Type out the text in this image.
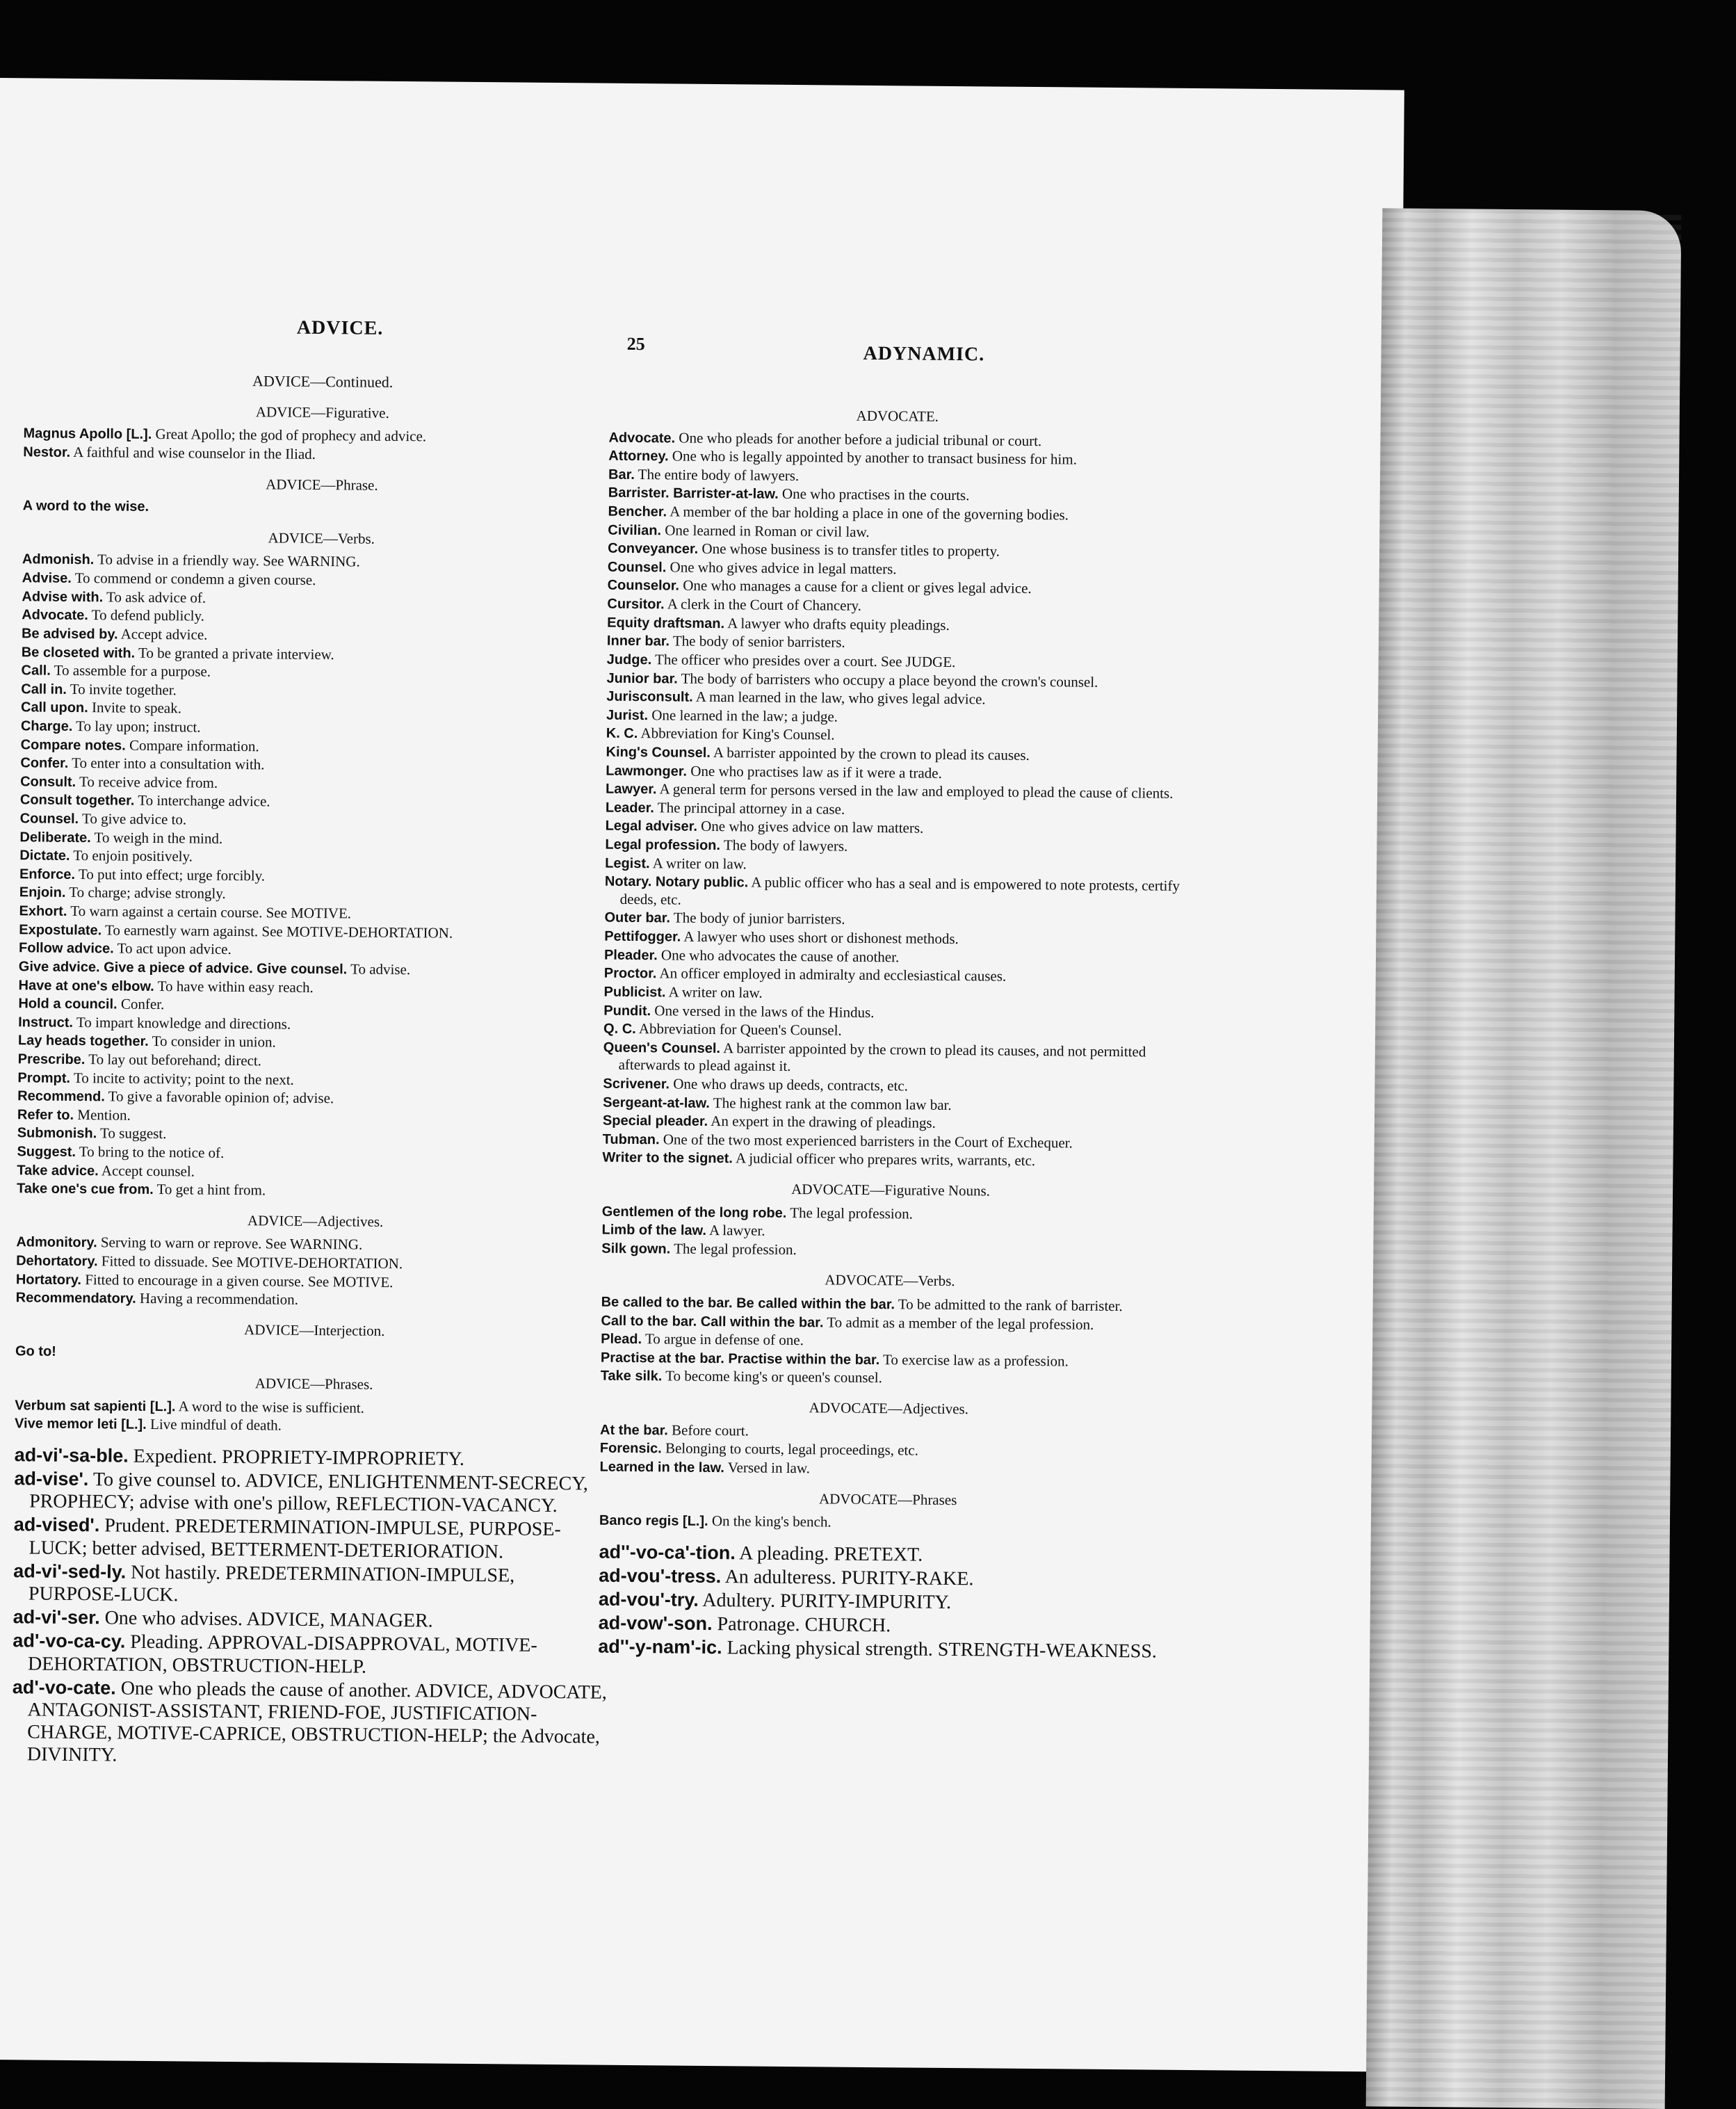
ADVICE.
25	ADYNAMIC.
ADVICE—Continued.
ADVICE—Figurative.
Magnus Apollo [L.]. Great Apollo; the god of prophecy and advice.
Nestor. A faithful and wise counselor in the Iliad.
ADVICE—Phrase.
A word to the wise.
ADVICE—Verbs.
Admonish. To advise in a friendly way. See WARNING.
Advise. To commend or condemn a given course.
Advise with. To ask advice of.
Advocate. To defend publicly.
Be advised by. Accept advice.
Be closeted with. To be granted a private interview.
Call. To assemble for a purpose.
Call in. To invite together.
Call upon. Invite to speak.
Charge. To lay upon; instruct.
Compare notes. Compare information.
Confer. To enter into a consultation with.
Consult. To receive advice from.
Consult together. To interchange advice.
Counsel. To give advice to.
Deliberate. To weigh in the mind.
Dictate. To enjoin positively.
Enforce. To put into effect; urge forcibly.
Enjoin. To charge; advise strongly.
Exhort. To warn against a certain course. See MOTIVE.
Expostulate. To earnestly warn against. See MOTIVE-DEHORTATION.
Follow advice. To act upon advice.
Give advice. Give a piece of advice. Give counsel. To advise.
Have at one's elbow. To have within easy reach.
Hold a council. Confer.
Instruct. To impart knowledge and directions.
Lay heads together. To consider in union.
Prescribe. To lay out beforehand; direct.
Prompt. To incite to activity; point to the next.
Recommend. To give a favorable opinion of; advise.
Refer to. Mention.
Submonish. To suggest.
Suggest. To bring to the notice of.
Take advice. Accept counsel.
Take one's cue from. To get a hint from.
ADVICE—Adjectives.
Admonitory. Serving to warn or reprove. See WARNING.
Dehortatory. Fitted to dissuade. See MOTIVE-DEHORTATION.
Hortatory. Fitted to encourage in a given course. See MOTIVE.
Recommendatory. Having a recommendation.
ADVICE—Interjection.
Go to!
ADVICE—Phrases.
Verbum sat sapienti [L.]. A word to the wise is sufficient.
Vive memor leti [L.]. Live mindful of death.
ad-vi'-sa-ble. Expedient. PROPRIETY-IMPROPRIETY.
ad-vise'. To give counsel to. ADVICE, ENLIGHTENMENT-SECRECY, PROPHECY; advise with one's pillow, REFLECTION-VACANCY.
ad-vised'. Prudent. PREDETERMINATION-IMPULSE, PURPOSE-LUCK; better advised, BETTERMENT-DETERIORATION.
ad-vi'-sed-ly. Not hastily. PREDETERMINATION-IMPULSE, PURPOSE-LUCK.
ad-vi'-ser. One who advises. ADVICE, MANAGER.
ad'-vo-ca-cy. Pleading. APPROVAL-DISAPPROVAL, MOTIVE-DEHORTATION, OBSTRUCTION-HELP.
ad'-vo-cate. One who pleads the cause of another. ADVICE, ADVOCATE, ANTAGONIST-ASSISTANT, FRIEND-FOE, JUSTIFICATION-CHARGE, MOTIVE-CAPRICE, OBSTRUCTION-HELP; the Advocate, DIVINITY.
ADVOCATE.
Advocate. One who pleads for another before a judicial tribunal or court.
Attorney. One who is legally appointed by another to transact business for him.
Bar. The entire body of lawyers.
Barrister. Barrister-at-law. One who practises in the courts.
Bencher. A member of the bar holding a place in one of the governing bodies.
Civilian. One learned in Roman or civil law.
Conveyancer. One whose business is to transfer titles to property.
Counsel. One who gives advice in legal matters.
Counselor. One who manages a cause for a client or gives legal advice.
Cursitor. A clerk in the Court of Chancery.
Equity draftsman. A lawyer who drafts equity pleadings.
Inner bar. The body of senior barristers.
Judge. The officer who presides over a court. See JUDGE.
Junior bar. The body of barristers who occupy a place beyond the crown's counsel.
Jurisconsult. A man learned in the law, who gives legal advice.
Jurist. One learned in the law; a judge.
K. C. Abbreviation for King's Counsel.
King's Counsel. A barrister appointed by the crown to plead its causes.
Lawmonger. One who practises law as if it were a trade.
Lawyer. A general term for persons versed in the law and employed to plead the cause of clients.
Leader. The principal attorney in a case.
Legal adviser. One who gives advice on law matters.
Legal profession. The body of lawyers.
Legist. A writer on law.
Notary. Notary public. A public officer who has a seal and is empowered to note protests, certify deeds, etc.
Outer bar. The body of junior barristers.
Pettifogger. A lawyer who uses short or dishonest methods.
Pleader. One who advocates the cause of another.
Proctor. An officer employed in admiralty and ecclesiastical causes.
Publicist. A writer on law.
Pundit. One versed in the laws of the Hindus.
Q. C. Abbreviation for Queen's Counsel.
Queen's Counsel. A barrister appointed by the crown to plead its causes, and not permitted afterwards to plead against it.
Scrivener. One who draws up deeds, contracts, etc.
Sergeant-at-law. The highest rank at the common law bar.
Special pleader. An expert in the drawing of pleadings.
Tubman. One of the two most experienced barristers in the Court of Exchequer.
Writer to the signet. A judicial officer who prepares writs, warrants, etc.
ADVOCATE—Figurative Nouns.
Gentlemen of the long robe. The legal profession.
Limb of the law. A lawyer.
Silk gown. The legal profession.
ADVOCATE—Verbs.
Be called to the bar. Be called within the bar. To be admitted to the rank of barrister.
Call to the bar. Call within the bar. To admit as a member of the legal profession.
Plead. To argue in defense of one.
Practise at the bar. Practise within the bar. To exercise law as a profession.
Take silk. To become king's or queen's counsel.
ADVOCATE—Adjectives.
At the bar. Before court.
Forensic. Belonging to courts, legal proceedings, etc.
Learned in the law. Versed in law.
ADVOCATE—Phrases
Banco regis [L.]. On the king's bench.
ad''-vo-ca'-tion. A pleading. PRETEXT.
ad-vou'-tress. An adulteress. PURITY-RAKE.
ad-vou'-try. Adultery. PURITY-IMPURITY.
ad-vow'-son. Patronage. CHURCH.
ad''-y-nam'-ic. Lacking physical strength. STRENGTH-WEAKNESS.
